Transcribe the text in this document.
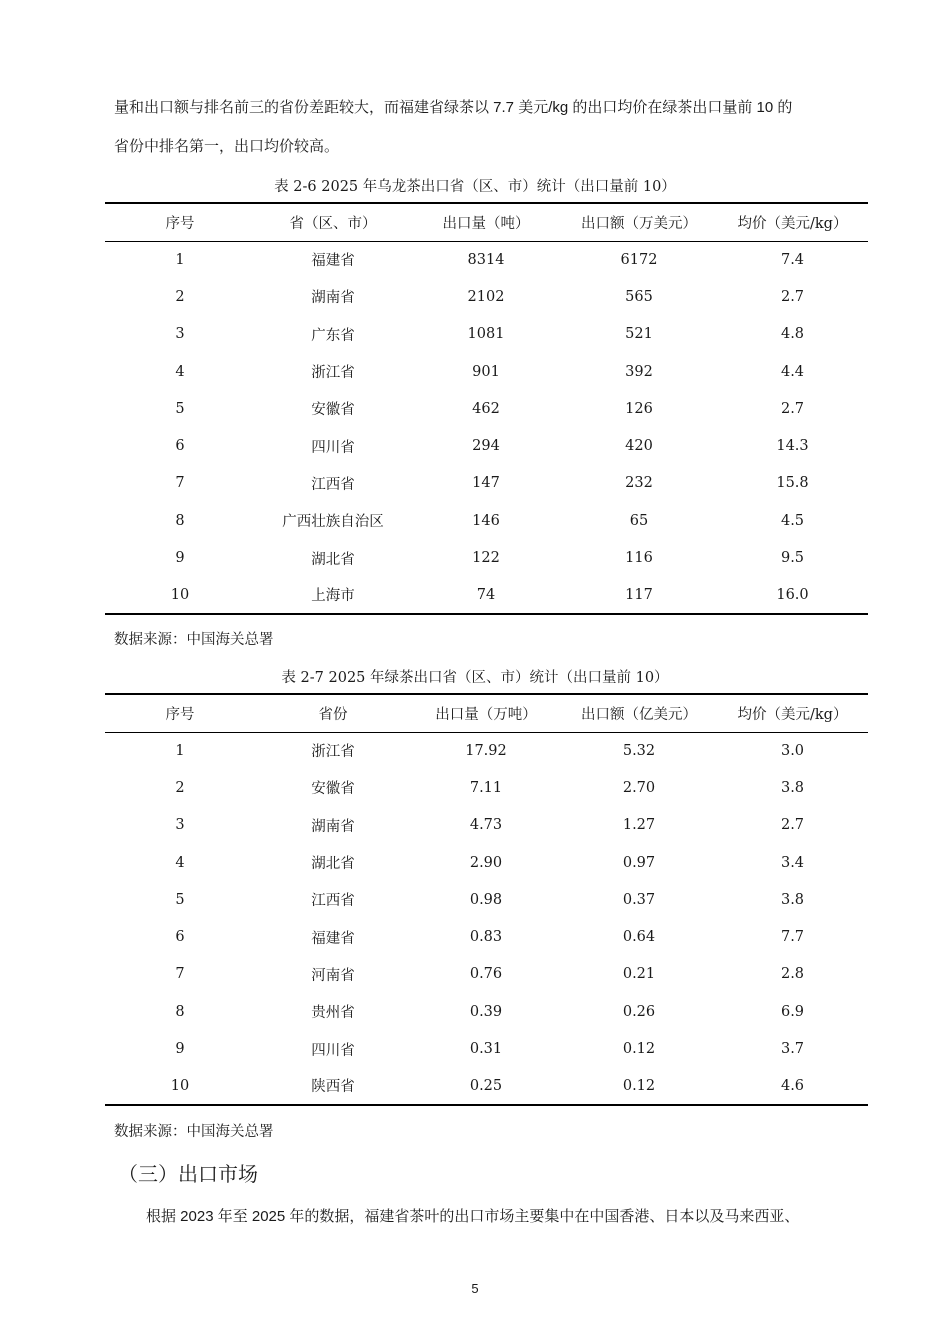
量和出口额与排名前三的省份差距较大，而福建省绿茶以 7.7 美元/kg 的出口均价在绿茶出口量前 10 的

省份中排名第一，出口均价较高。

表 2-6 2025 年乌龙茶出口省（区、市）统计（出口量前 10）
序号	省（区、市）	出口量（吨）	出口额（万美元）	均价（美元/kg）
1	福建省	8314	6172	7.4
2	湖南省	2102	565	2.7
3	广东省	1081	521	4.8
4	浙江省	901	392	4.4
5	安徽省	462	126	2.7
6	四川省	294	420	14.3
7	江西省	147	232	15.8
8	广西壮族自治区	146	65	4.5
9	湖北省	122	116	9.5
10	上海市	74	117	16.0
数据来源：中国海关总署
表 2-7 2025 年绿茶出口省（区、市）统计（出口量前 10）
序号	省份	出口量（万吨）	出口额（亿美元）	均价（美元/kg）
1	浙江省	17.92	5.32	3.0
2	安徽省	7.11	2.70	3.8
3	湖南省	4.73	1.27	2.7
4	湖北省	2.90	0.97	3.4
5	江西省	0.98	0.37	3.8
6	福建省	0.83	0.64	7.7
7	河南省	0.76	0.21	2.8
8	贵州省	0.39	0.26	6.9
9	四川省	0.31	0.12	3.7
10	陕西省	0.25	0.12	4.6
数据来源：中国海关总署
（三）出口市场

根据 2023 年至 2025 年的数据，福建省茶叶的出口市场主要集中在中国香港、日本以及马来西亚、

5
